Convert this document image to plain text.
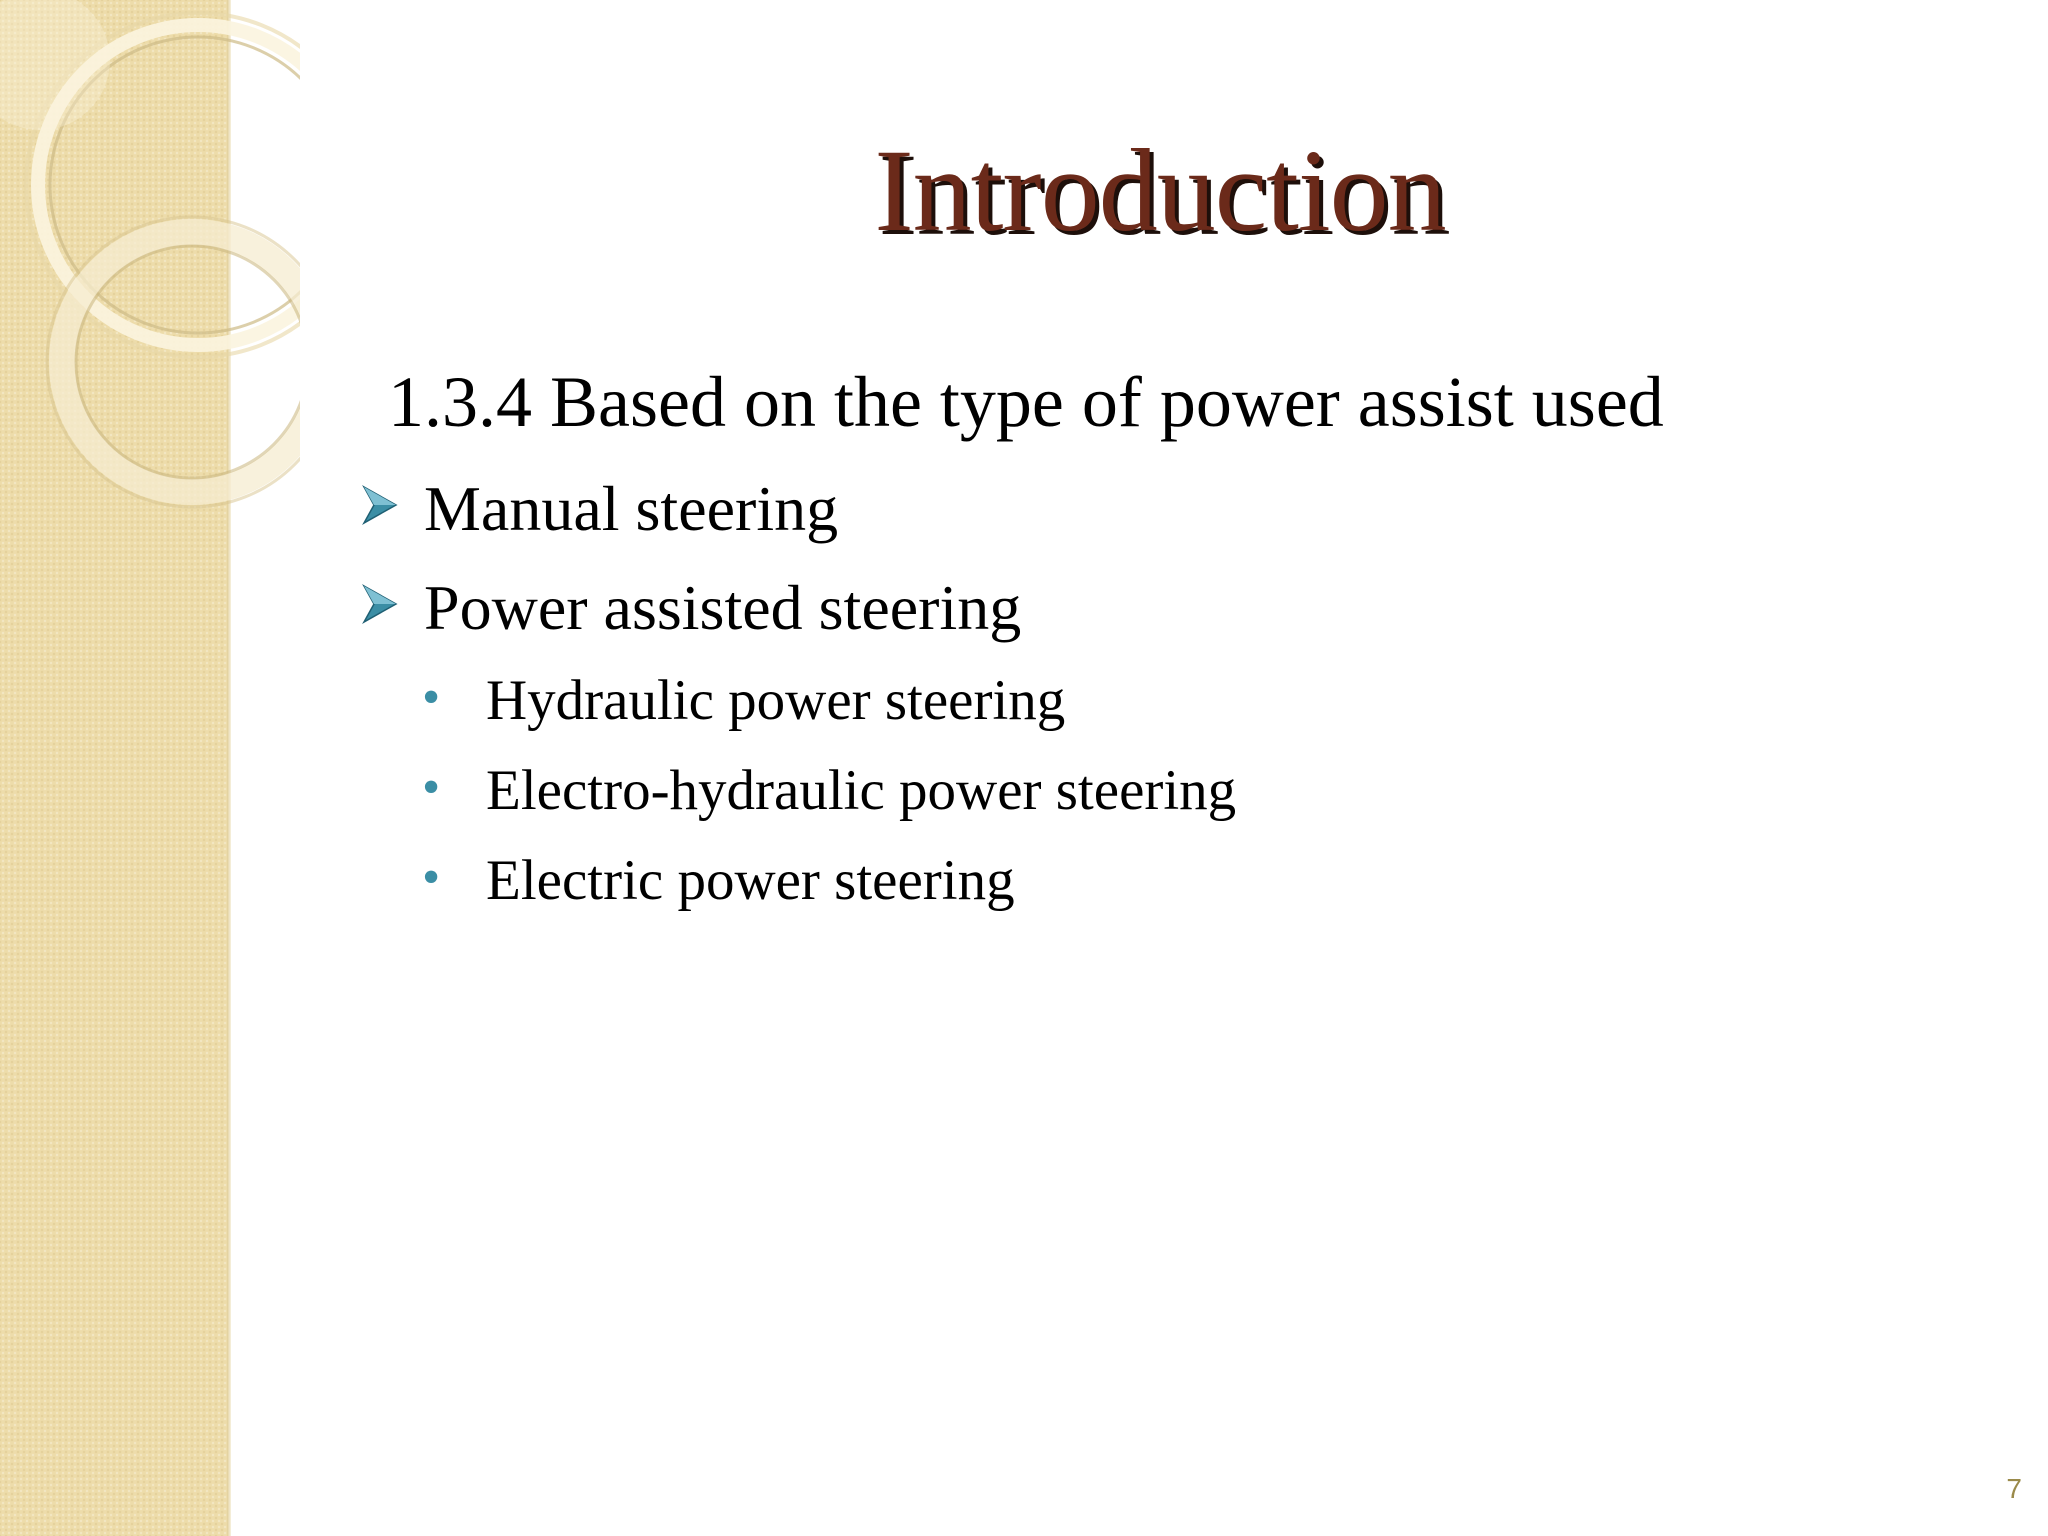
Introduction
1.3.4 Based on the type of power assist used
Manual steering
Power assisted steering
• Hydraulic power steering
• Electro-hydraulic power steering
• Electric power steering
7
